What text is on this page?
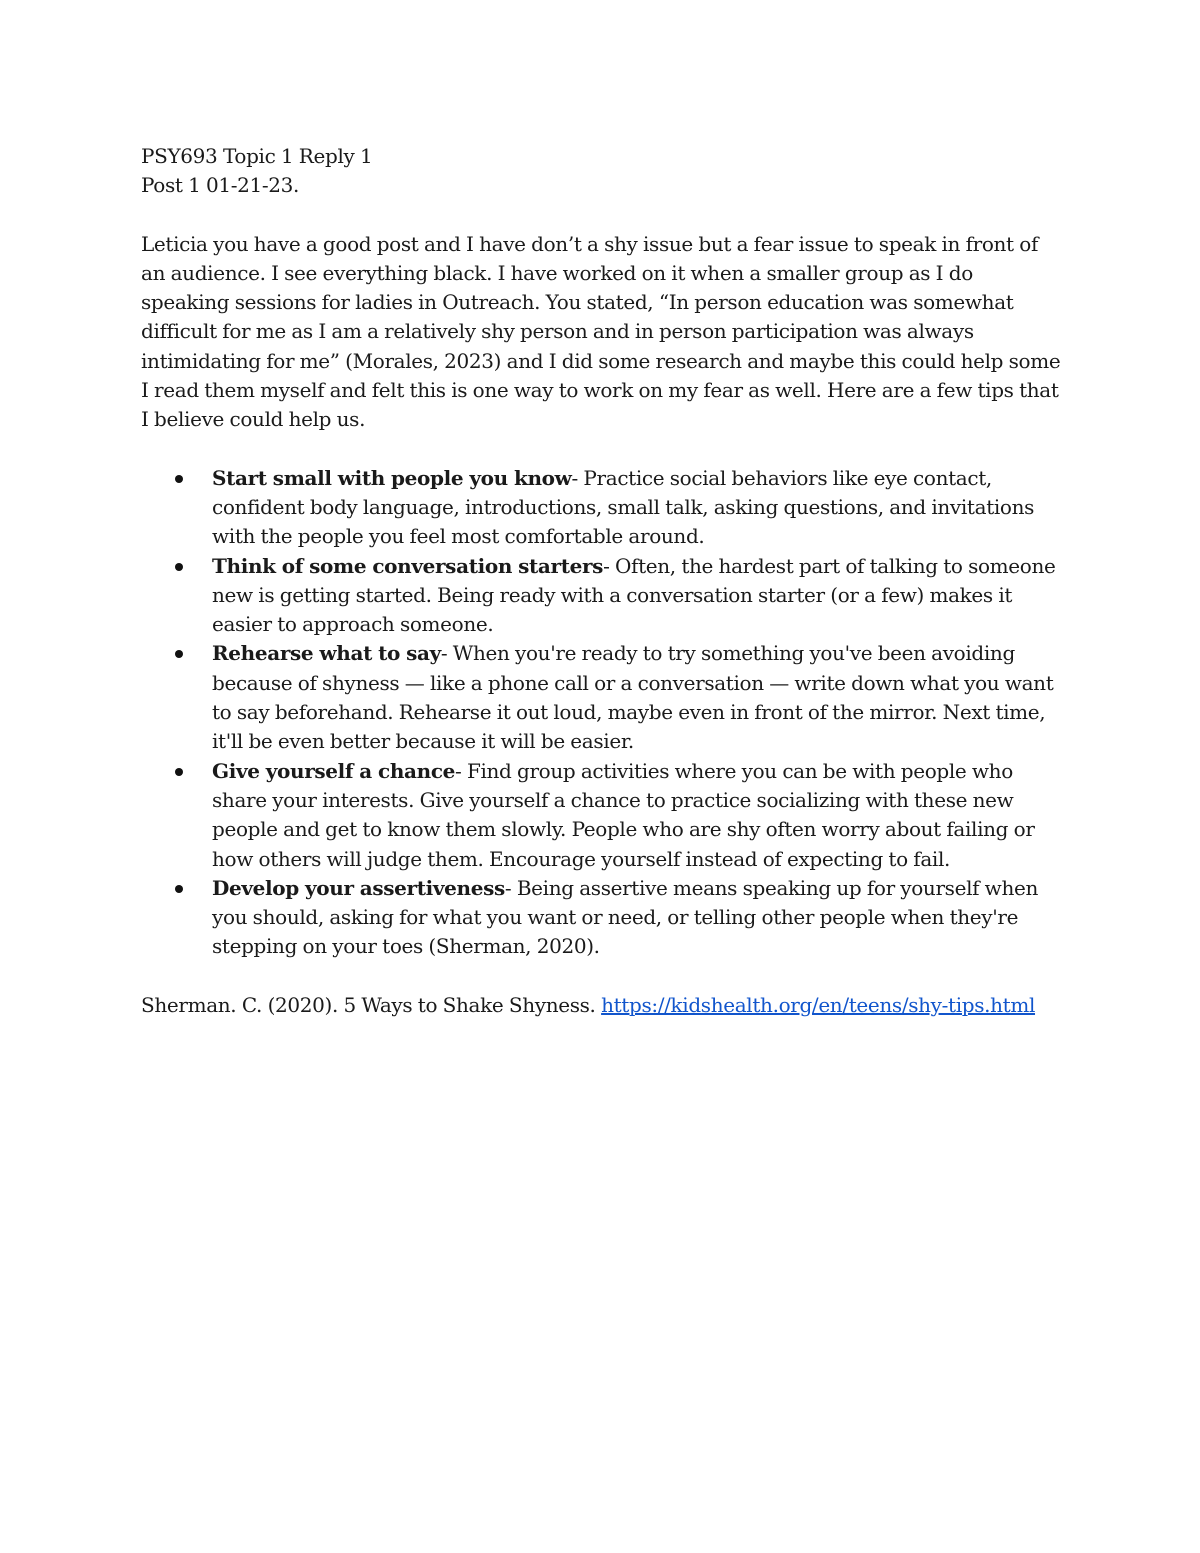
PSY693 Topic 1 Reply 1

Post 1 01-21-23.

Leticia you have a good post and I have don’t a shy issue but a fear issue to speak in front of an audience. I see everything black. I have worked on it when a smaller group as I do speaking sessions for ladies in Outreach. You stated, “In person education was somewhat difficult for me as I am a relatively shy person and in person participation was always intimidating for me” (Morales, 2023) and I did some research and maybe this could help some I read them myself and felt this is one way to work on my fear as well. Here are a few tips that I believe could help us.

Start small with people you know- Practice social behaviors like eye contact, confident body language, introductions, small talk, asking questions, and invitations with the people you feel most comfortable around.
Think of some conversation starters- Often, the hardest part of talking to someone new is getting started. Being ready with a conversation starter (or a few) makes it easier to approach someone.
Rehearse what to say- When you're ready to try something you've been avoiding because of shyness — like a phone call or a conversation — write down what you want to say beforehand. Rehearse it out loud, maybe even in front of the mirror. Next time, it'll be even better because it will be easier.
Give yourself a chance- Find group activities where you can be with people who share your interests. Give yourself a chance to practice socializing with these new people and get to know them slowly. People who are shy often worry about failing or how others will judge them. Encourage yourself instead of expecting to fail.
Develop your assertiveness- Being assertive means speaking up for yourself when you should, asking for what you want or need, or telling other people when they're stepping on your toes (Sherman, 2020).

Sherman. C. (2020). 5 Ways to Shake Shyness. https://kidshealth.org/en/teens/shy-tips.html
